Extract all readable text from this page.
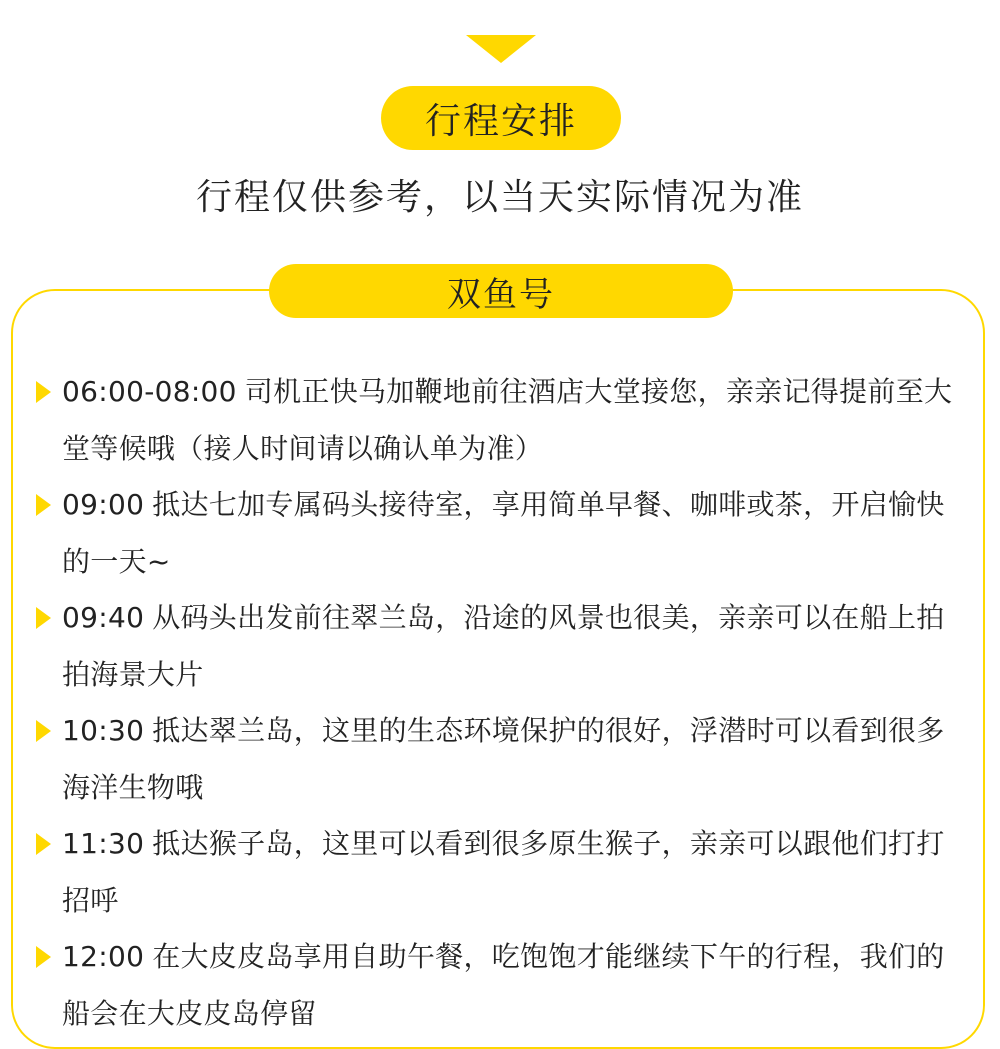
行程安排
行程仅供参考，以当天实际情况为准
双鱼号
06:00-08:00 司机正快马加鞭地前往酒店大堂接您，亲亲记得提前至大堂等候哦（接人时间请以确认单为准）
09:00 抵达七加专属码头接待室，享用简单早餐、咖啡或茶，开启愉快的一天~
09:40 从码头出发前往翠兰岛，沿途的风景也很美，亲亲可以在船上拍拍海景大片
10:30 抵达翠兰岛，这里的生态环境保护的很好，浮潜时可以看到很多海洋生物哦
11:30 抵达猴子岛，这里可以看到很多原生猴子，亲亲可以跟他们打打招呼
12:00 在大皮皮岛享用自助午餐，吃饱饱才能继续下午的行程，我们的船会在大皮皮岛停留
